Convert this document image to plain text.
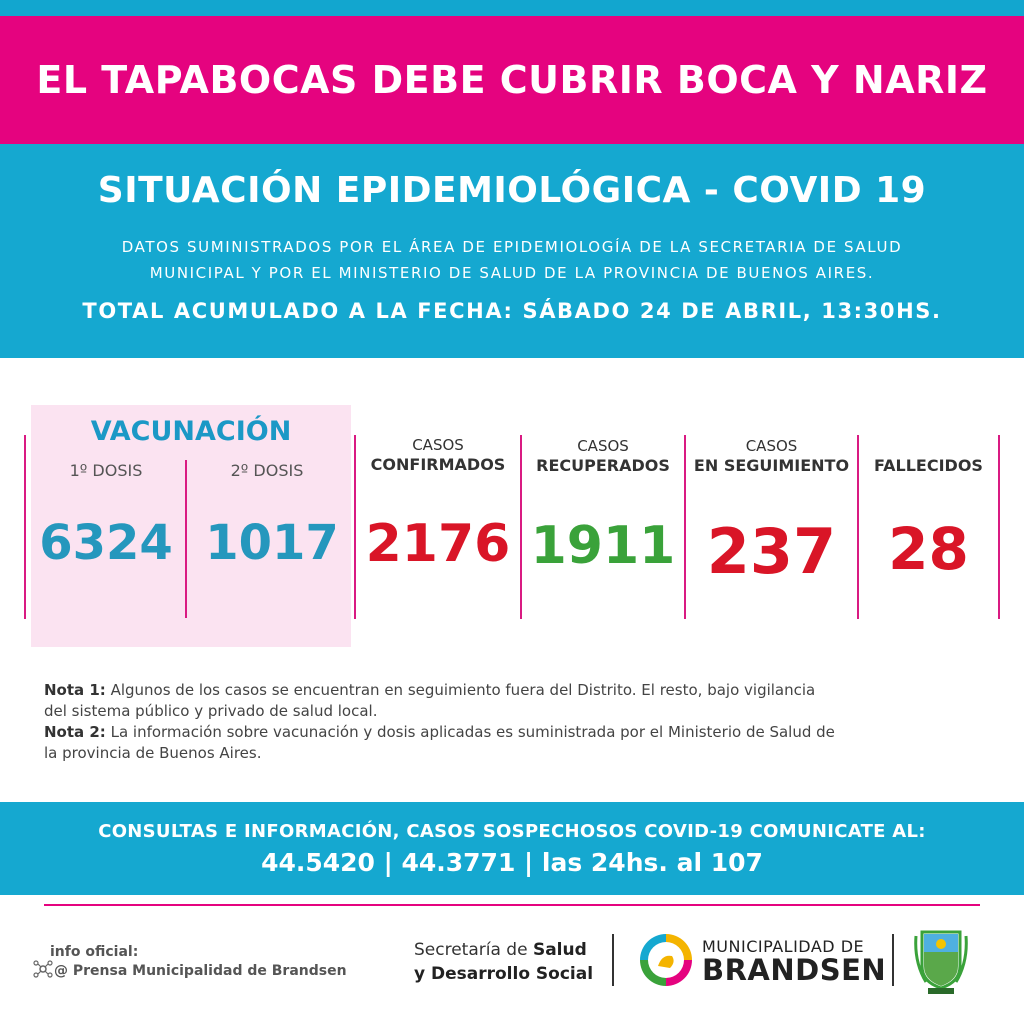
EL TAPABOCAS DEBE CUBRIR BOCA Y NARIZ
SITUACIÓN EPIDEMIOLÓGICA - COVID 19
DATOS SUMINISTRADOS POR EL ÁREA DE EPIDEMIOLOGÍA DE LA SECRETARIA DE SALUD
MUNICIPAL Y POR EL MINISTERIO DE SALUD DE LA PROVINCIA DE BUENOS AIRES.
TOTAL ACUMULADO A LA FECHA: SÁBADO 24 DE ABRIL, 13:30HS.
VACUNACIÓN
1º DOSIS	2º DOSIS
6324 1017
CASOS
CONFIRMADOS
2176
CASOS
RECUPERADOS
1911
CASOS
EN SEGUIMIENTO
237
FALLECIDOS
28
Nota 1: Algunos de los casos se encuentran en seguimiento fuera del Distrito. El resto, bajo vigilancia
del sistema público y privado de salud local.
Nota 2: La información sobre vacunación y dosis aplicadas es suministrada por el Ministerio de Salud de
la provincia de Buenos Aires.
CONSULTAS E INFORMACIÓN, CASOS SOSPECHOSOS COVID-19 COMUNICATE AL:
44.5420 | 44.3771 | las 24hs. al 107
info oficial:
@ Prensa Municipalidad de Brandsen
Secretaría de Salud
y Desarrollo Social
MUNICIPALIDAD DE
BRANDSEN
